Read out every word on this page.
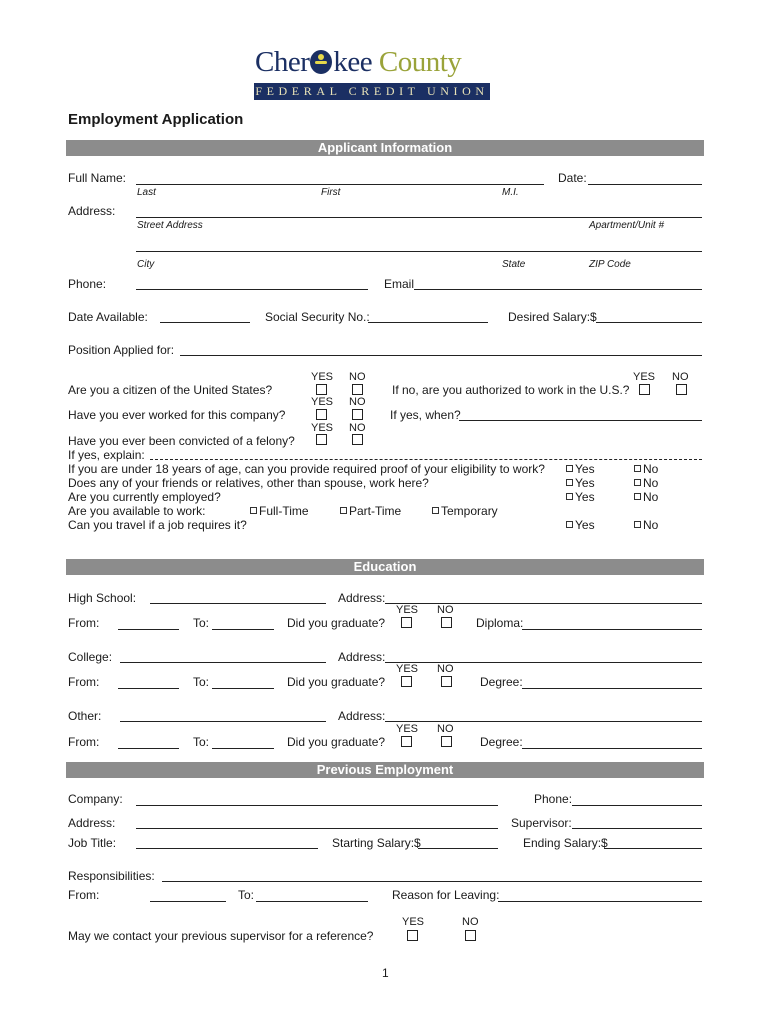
Cher kee County
FEDERAL CREDIT UNION
Employment Application
Applicant Information
Full Name:	Date:
Last	First	M.I.
Address:
Street Address	Apartment/Unit #
City	State	ZIP Code
Phone:	Email
Date Available:	Social Security No.:	Desired Salary:$
Position Applied for:
YES NO	YES NO
Are you a citizen of the United States?	If no, are you authorized to work in the U.S.?
YES NO
Have you ever worked for this company?	If yes, when?
YES NO
Have you ever been convicted of a felony?
If yes, explain:
If you are under 18 years of age, can you provide required proof of your eligibility to work?	Yes	No
Does any of your friends or relatives, other than spouse, work here?	Yes	No
Are you currently employed?	Yes	No
Are you available to work:	Full-Time	Part-Time	Temporary
Can you travel if a job requires it?	Yes	No
Education
High School:	Address:
YES NO
From:	To:	Did you graduate?	Diploma:
College:	Address:
YES NO
From:	To:	Did you graduate?	Degree:
Other:	Address:
YES NO
From:	To:	Did you graduate?	Degree:
Previous Employment
Company:	Phone:
Address:	Supervisor:
Job Title:	Starting Salary:$	Ending Salary:$
Responsibilities:
From:	To:	Reason for Leaving:
YES	NO
May we contact your previous supervisor for a reference?
1
